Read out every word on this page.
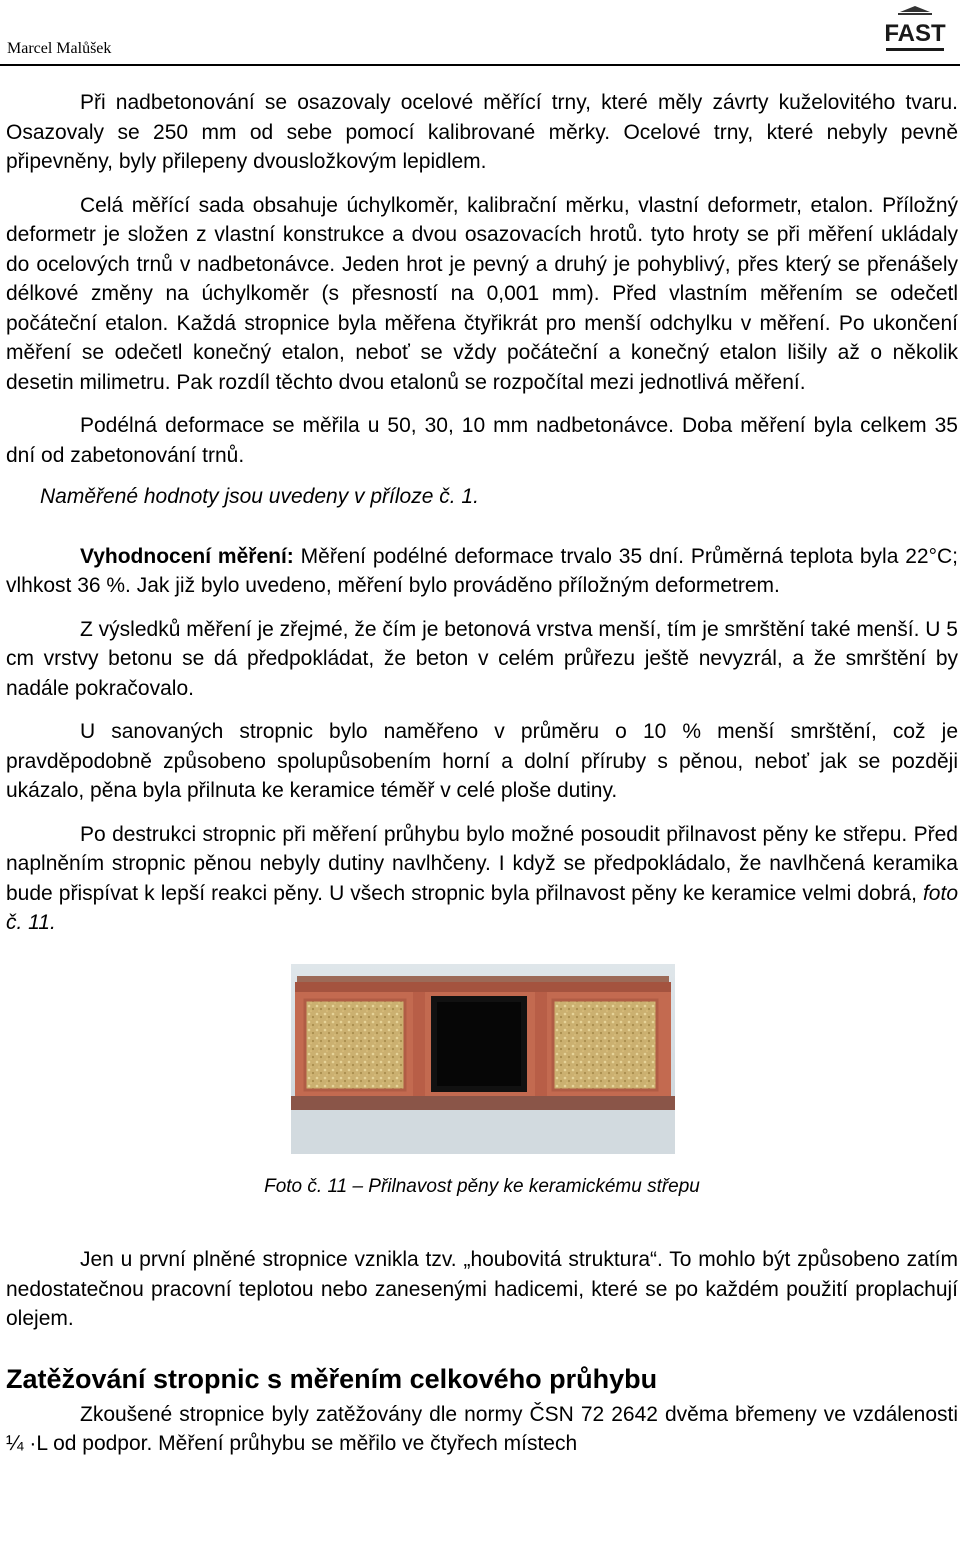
Marcel Malůšek
FAST

Při nadbetonování se osazovaly ocelové měřící trny, které měly závrty kuželovitého tvaru. Osazovaly se 250 mm od sebe pomocí kalibrované měrky. Ocelové trny, které nebyly pevně připevněny, byly přilepeny dvousložkovým lepidlem.

Celá měřící sada obsahuje úchylkoměr, kalibrační měrku, vlastní deformetr, etalon. Příložný deformetr je složen z vlastní konstrukce a dvou osazovacích hrotů. tyto hroty se při měření ukládaly do ocelových trnů v nadbetonávce. Jeden hrot je pevný a druhý je pohyblivý, přes který se přenášely délkové změny na úchylkoměr (s přesností na 0,001 mm). Před vlastním měřením se odečetl počáteční etalon. Každá stropnice byla měřena čtyřikrát pro menší odchylku v měření. Po ukončení měření se odečetl konečný etalon, neboť se vždy počáteční a konečný etalon lišily až o několik desetin milimetru. Pak rozdíl těchto dvou etalonů se rozpočítal mezi jednotlivá měření.

Podélná deformace se měřila u 50, 30, 10 mm nadbetonávce. Doba měření byla celkem 35 dní od zabetonování trnů.

Naměřené hodnoty jsou uvedeny v příloze č. 1.

Vyhodnocení měření: Měření podélné deformace trvalo 35 dní. Průměrná teplota byla 22°C; vlhkost 36 %. Jak již bylo uvedeno, měření bylo prováděno příložným deformetrem.

Z výsledků měření je zřejmé, že čím je betonová vrstva menší, tím je smrštění také menší. U 5 cm vrstvy betonu se dá předpokládat, že beton v celém průřezu ještě nevyzrál, a že smrštění by nadále pokračovalo.

U sanovaných stropnic bylo naměřeno v průměru o 10 % menší smrštění, což je pravděpodobně způsobeno spolupůsobením horní a dolní příruby s pěnou, neboť jak se později ukázalo, pěna byla přilnuta ke keramice téměř v celé ploše dutiny.

Po destrukci stropnic při měření průhybu bylo možné posoudit přilnavost pěny ke střepu. Před naplněním stropnic pěnou nebyly dutiny navlhčeny. I když se předpokládalo, že navlhčená keramika bude přispívat k lepší reakci pěny. U všech stropnic byla přilnavost pěny ke keramice velmi dobrá, foto č. 11.

Foto č. 11 – Přilnavost pěny ke keramickému střepu

Jen u první plněné stropnice vznikla tzv. „houbovitá struktura“. To mohlo být způsobeno zatím nedostatečnou pracovní teplotou nebo zanesenými hadicemi, které se po každém použití proplachují olejem.

Zatěžování stropnic s měřením celkového průhybu

Zkoušené stropnice byly zatěžovány dle normy ČSN 72 2642 dvěma břemeny ve vzdálenosti ¼ ·L od podpor. Měření průhybu se měřilo ve čtyřech místech
